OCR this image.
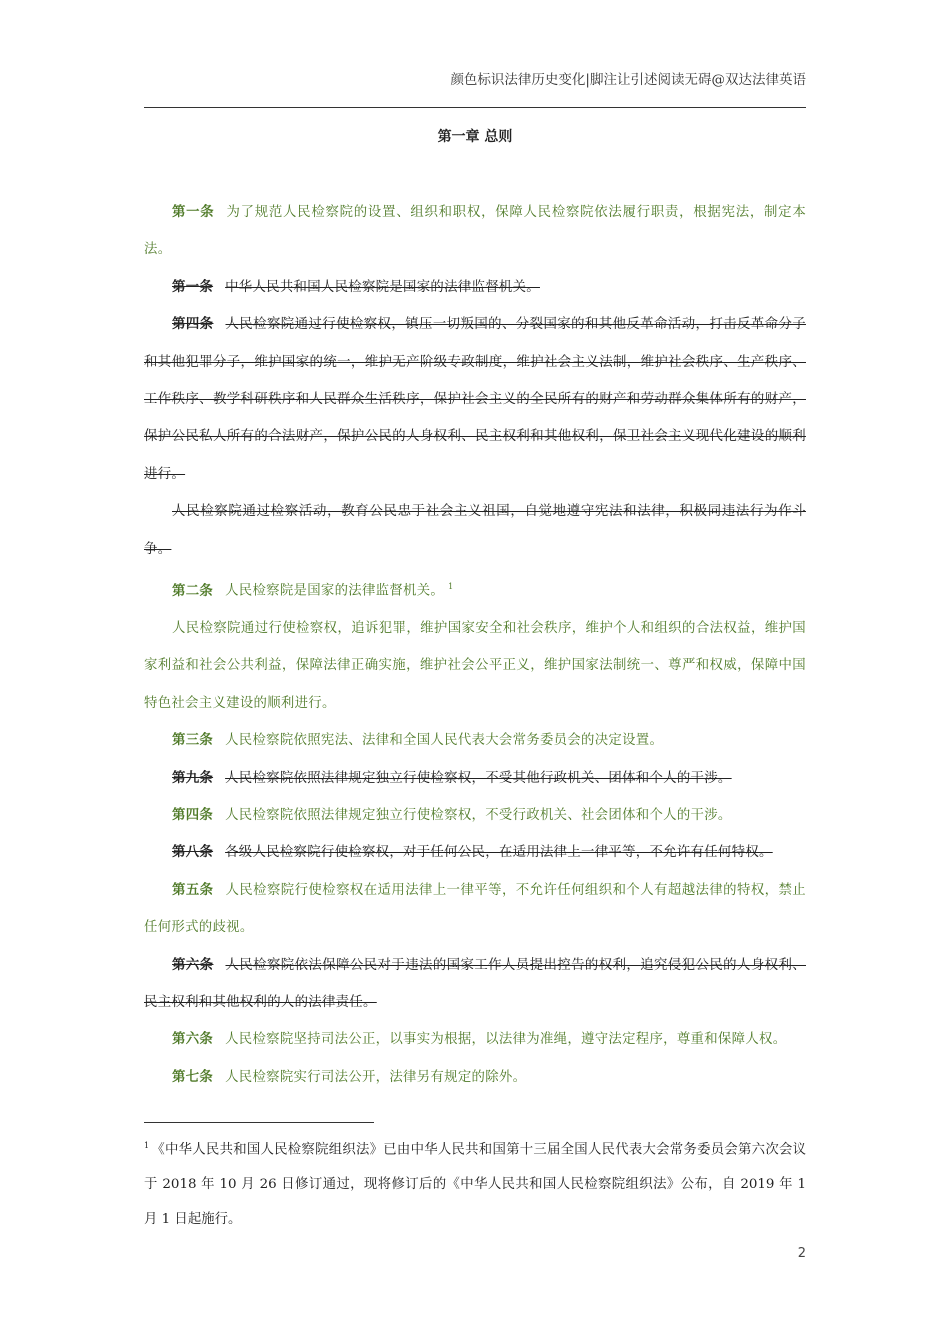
颜色标识法律历史变化|脚注让引述阅读无碍@双达法律英语
第一章 总则

第一条 为了规范人民检察院的设置、组织和职权，保障人民检察院依法履行职责，根据宪法，制定本法。

第一条 中华人民共和国人民检察院是国家的法律监督机关。

第四条 人民检察院通过行使检察权，镇压一切叛国的、分裂国家的和其他反革命活动，打击反革命分子和其他犯罪分子，维护国家的统一，维护无产阶级专政制度，维护社会主义法制，维护社会秩序、生产秩序、工作秩序、教学科研秩序和人民群众生活秩序，保护社会主义的全民所有的财产和劳动群众集体所有的财产，保护公民私人所有的合法财产，保护公民的人身权利、民主权利和其他权利，保卫社会主义现代化建设的顺利进行。

人民检察院通过检察活动，教育公民忠于社会主义祖国，自觉地遵守宪法和法律，积极同违法行为作斗争。

第二条 人民检察院是国家的法律监督机关。 $^1$

人民检察院通过行使检察权，追诉犯罪，维护国家安全和社会秩序，维护个人和组织的合法权益，维护国家利益和社会公共利益，保障法律正确实施，维护社会公平正义，维护国家法制统一、尊严和权威，保障中国特色社会主义建设的顺利进行。

第三条 人民检察院依照宪法、法律和全国人民代表大会常务委员会的决定设置。

第九条 人民检察院依照法律规定独立行使检察权，不受其他行政机关、团体和个人的干涉。

第四条 人民检察院依照法律规定独立行使检察权，不受行政机关、社会团体和个人的干涉。

第八条 各级人民检察院行使检察权，对于任何公民，在适用法律上一律平等，不允许有任何特权。

第五条 人民检察院行使检察权在适用法律上一律平等，不允许任何组织和个人有超越法律的特权，禁止任何形式的歧视。

第六条 人民检察院依法保障公民对于违法的国家工作人员提出控告的权利，追究侵犯公民的人身权利、民主权利和其他权利的人的法律责任。

第六条 人民检察院坚持司法公正，以事实为根据，以法律为准绳，遵守法定程序，尊重和保障人权。

第七条 人民检察院实行司法公开，法律另有规定的除外。

$^1$ 《中华人民共和国人民检察院组织法》已由中华人民共和国第十三届全国人民代表大会常务委员会第六次会议于 2018 年 10 月 26 日修订通过，现将修订后的《中华人民共和国人民检察院组织法》公布，自 2019 年 1 月 1 日起施行。

2
